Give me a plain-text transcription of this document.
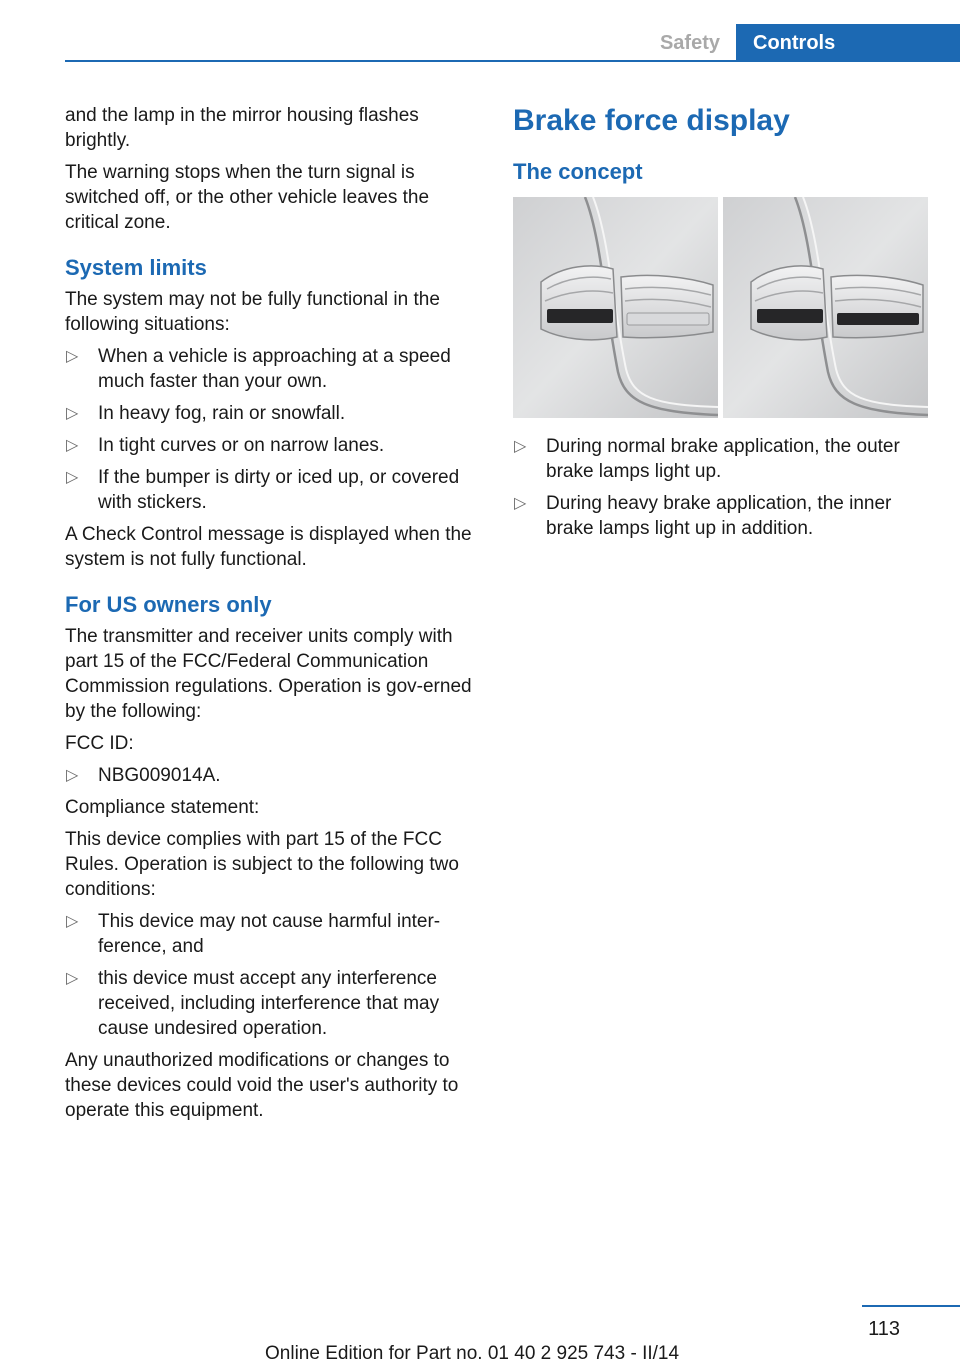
Safety Controls

and the lamp in the mirror housing flashes brightly.

The warning stops when the turn signal is switched off, or the other vehicle leaves the critical zone.

System limits

The system may not be fully functional in the following situations:

▷ When a vehicle is approaching at a speed much faster than your own.
▷ In heavy fog, rain or snowfall.
▷ In tight curves or on narrow lanes.
▷ If the bumper is dirty or iced up, or covered with stickers.

A Check Control message is displayed when the system is not fully functional.

For US owners only

The transmitter and receiver units comply with part 15 of the FCC/Federal Communication Commission regulations. Operation is gov‐erned by the following:

FCC ID:

▷ NBG009014A.

Compliance statement:

This device complies with part 15 of the FCC Rules. Operation is subject to the following two conditions:

▷ This device may not cause harmful inter‐ference, and
▷ this device must accept any interference received, including interference that may cause undesired operation.

Any unauthorized modifications or changes to these devices could void the user's authority to operate this equipment.

Brake force display
The concept
▷ During normal brake application, the outer brake lamps light up.
▷ During heavy brake application, the inner brake lamps light up in addition.
113
Online Edition for Part no. 01 40 2 925 743 - II/14
